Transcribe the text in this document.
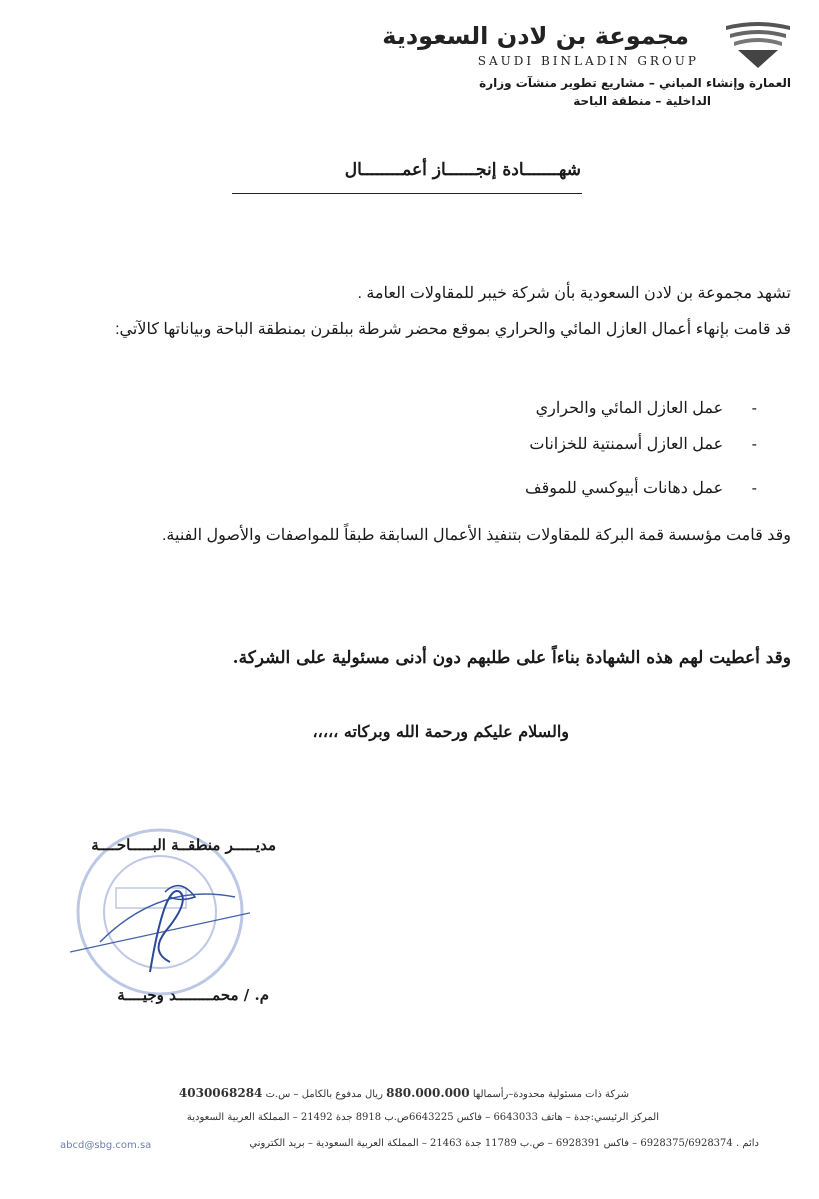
مجموعة بن لادن السعودية
SAUDI BINLADIN GROUP
العمارة وإنشاء المباني – مشاريع تطوير منشآت وزارة
الداخلية – منطقة الباحة
شهـــــــادة إنجــــــاز أعمــــــــال
تشهد مجموعة بن لادن السعودية بأن شركة خيبر للمقاولات العامة .
قد قامت بإنهاء أعمال العازل المائي والحراري بموقع محضر شرطة ببلقرن بمنطقة الباحة وبياناتها كالآتي:
- عمل العازل المائي والحراري
- عمل العازل أسمنتية للخزانات
- عمل دهانات أبيوكسي للموقف
وقد قامت مؤسسة قمة البركة للمقاولات بتنفيذ الأعمال السابقة طبقاً للمواصفات والأصول الفنية.
وقد أعطيت لهم هذه الشهادة بناءاً على طلبهم دون أدنى مسئولية على الشركة.
والسلام عليكم ورحمة الله وبركاته ،،،،،
مديـــــر منطقــة البـــــاحــــة
م. / محمــــــــد وجيــــة
شركة ذات مسئولية محدودة–رأسمالها 880.000.000 ريال مدفوع بالكامل – س.ت 4030068284
المركز الرئيسي:جدة – هاتف 6643033 – فاكس 6643225ص.ب 8918 جدة 21492 – المملكة العربية السعودية
دائم . 6928375/6928374 – فاكس 6928391 – ص.ب 11789 جدة 21463 – المملكة العربية السعودية – بريد الكتروني
abcd@sbg.com.sa
